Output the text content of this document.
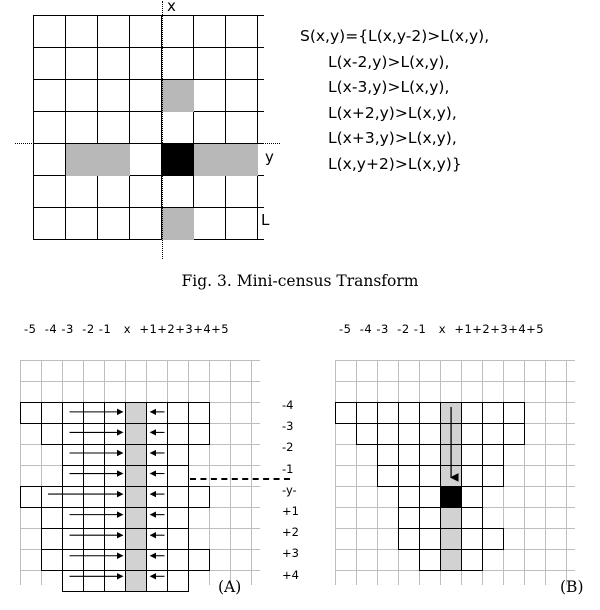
x
y
L
S(x,y)={L(x,y-2)>L(x,y),
L(x-2,y)>L(x,y),
L(x-3,y)>L(x,y),
L(x+2,y)>L(x,y),
L(x+3,y)>L(x,y),
L(x,y+2)>L(x,y)}
Fig. 3. Mini-census Transform
-5  -4 -3  -2 -1   x  +1+2+3+4+5	-5  -4 -3  -2 -1   x  +1+2+3+4+5
-4
-3
-2
-1
-y-
+1
+2
+3
+4
(A)	(B)
